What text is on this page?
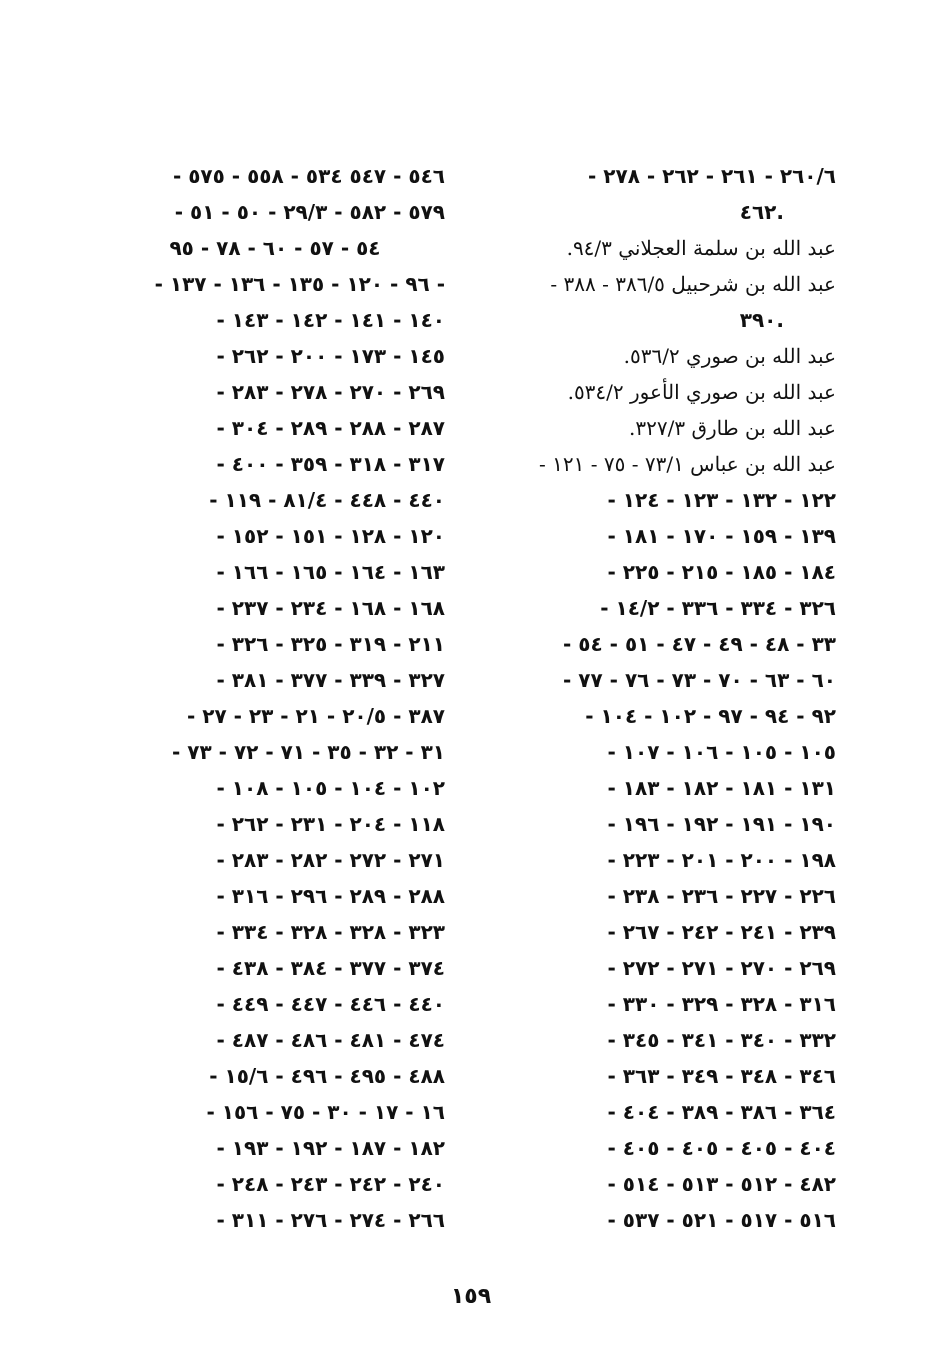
٢٦٠/٦ - ٢٦١ - ٢٦٢ - ٢٧٨ -
.٤٦٢
عبد الله بن سلمة العجلاني ٩٤/٣.
عبد الله بن شرحبيل ٣٨٦/٥ - ٣٨٨ -
.٣٩٠
عبد الله بن صوري ٥٣٦/٢.
عبد الله بن صوري الأعور ٥٣٤/٢.
عبد الله بن طارق ٣٢٧/٣.
عبد الله بن عباس ٧٣/١ - ٧٥ - ١٢١ -
١٢٢ - ١٣٢ - ١٢٣ - ١٢٤ -
١٣٩ - ١٥٩ - ١٧٠ - ١٨١ -
١٨٤ - ١٨٥ - ٢١٥ - ٢٢٥ -
٣٢٦ - ٣٣٤ - ٣٣٦ - ١٤/٢ -
٣٣ - ٤٨ - ٤٩ - ٤٧ - ٥١ - ٥٤ -
٦٠ - ٦٣ - ٧٠ - ٧٣ - ٧٦ - ٧٧ -
٩٢ - ٩٤ - ٩٧ - ١٠٢ - ١٠٤ -
١٠٥ - ١٠٥ - ١٠٦ - ١٠٧ -
١٣١ - ١٨١ - ١٨٢ - ١٨٣ -
١٩٠ - ١٩١ - ١٩٢ - ١٩٦ -
١٩٨ - ٢٠٠ - ٢٠١ - ٢٢٣ -
٢٢٦ - ٢٢٧ - ٢٣٦ - ٢٣٨ -
٢٣٩ - ٢٤١ - ٢٤٢ - ٢٦٧ -
٢٦٩ - ٢٧٠ - ٢٧١ - ٢٧٢ -
٣١٦ - ٣٢٨ - ٣٢٩ - ٣٣٠ -
٣٣٢ - ٣٤٠ - ٣٤١ - ٣٤٥ -
٣٤٦ - ٣٤٨ - ٣٤٩ - ٣٦٣ -
٣٦٤ - ٣٨٦ - ٣٨٩ - ٤٠٤ -
٤٠٤ - ٤٠٥ - ٤٠٥ - ٤٠٥ -
٤٨٢ - ٥١٢ - ٥١٣ - ٥١٤ -
٥١٦ - ٥١٧ - ٥٢١ - ٥٣٧ -
٥٤٦ - ٥٤٧ ٥٣٤ - ٥٥٨ - ٥٧٥ -
٥٧٩ - ٥٨٢ - ٢٩/٣ - ٥٠ - ٥١ -
٥٤ - ٥٧ - ٦٠ - ٧٨ - ٩٥
- ٩٦ - ١٢٠ - ١٣٥ - ١٣٦ - ١٣٧ -
١٤٠ - ١٤١ - ١٤٢ - ١٤٣ -
١٤٥ - ١٧٣ - ٢٠٠ - ٢٦٢ -
٢٦٩ - ٢٧٠ - ٢٧٨ - ٢٨٣ -
٢٨٧ - ٢٨٨ - ٢٨٩ - ٣٠٤ -
٣١٧ - ٣١٨ - ٣٥٩ - ٤٠٠ -
٤٤٠ - ٤٤٨ - ٨١/٤ - ١١٩ -
١٢٠ - ١٢٨ - ١٥١ - ١٥٢ -
١٦٣ - ١٦٤ - ١٦٥ - ١٦٦ -
١٦٨ - ١٦٨ - ٢٣٤ - ٢٣٧ -
٢١١ - ٣١٩ - ٣٢٥ - ٣٢٦ -
٣٢٧ - ٣٣٩ - ٣٧٧ - ٣٨١ -
٣٨٧ - ٢٠/٥ - ٢١ - ٢٣ - ٢٧ -
٣١ - ٣٢ - ٣٥ - ٧١ - ٧٢ - ٧٣ -
١٠٢ - ١٠٤ - ١٠٥ - ١٠٨ -
١١٨ - ٢٠٤ - ٢٣١ - ٢٦٢ -
٢٧١ - ٢٧٢ - ٢٨٢ - ٢٨٣ -
٢٨٨ - ٢٨٩ - ٢٩٦ - ٣١٦ -
٣٢٣ - ٣٢٨ - ٣٢٨ - ٣٣٤ -
٣٧٤ - ٣٧٧ - ٣٨٤ - ٤٣٨ -
٤٤٠ - ٤٤٦ - ٤٤٧ - ٤٤٩ -
٤٧٤ - ٤٨١ - ٤٨٦ - ٤٨٧ -
٤٨٨ - ٤٩٥ - ٤٩٦ - ١٥/٦ -
١٦ - ١٧ - ٣٠ - ٧٥ - ١٥٦ -
١٨٢ - ١٨٧ - ١٩٢ - ١٩٣ -
٢٤٠ - ٢٤٢ - ٢٤٣ - ٢٤٨ -
٢٦٦ - ٢٧٤ - ٢٧٦ - ٣١١ -
١٥٩
